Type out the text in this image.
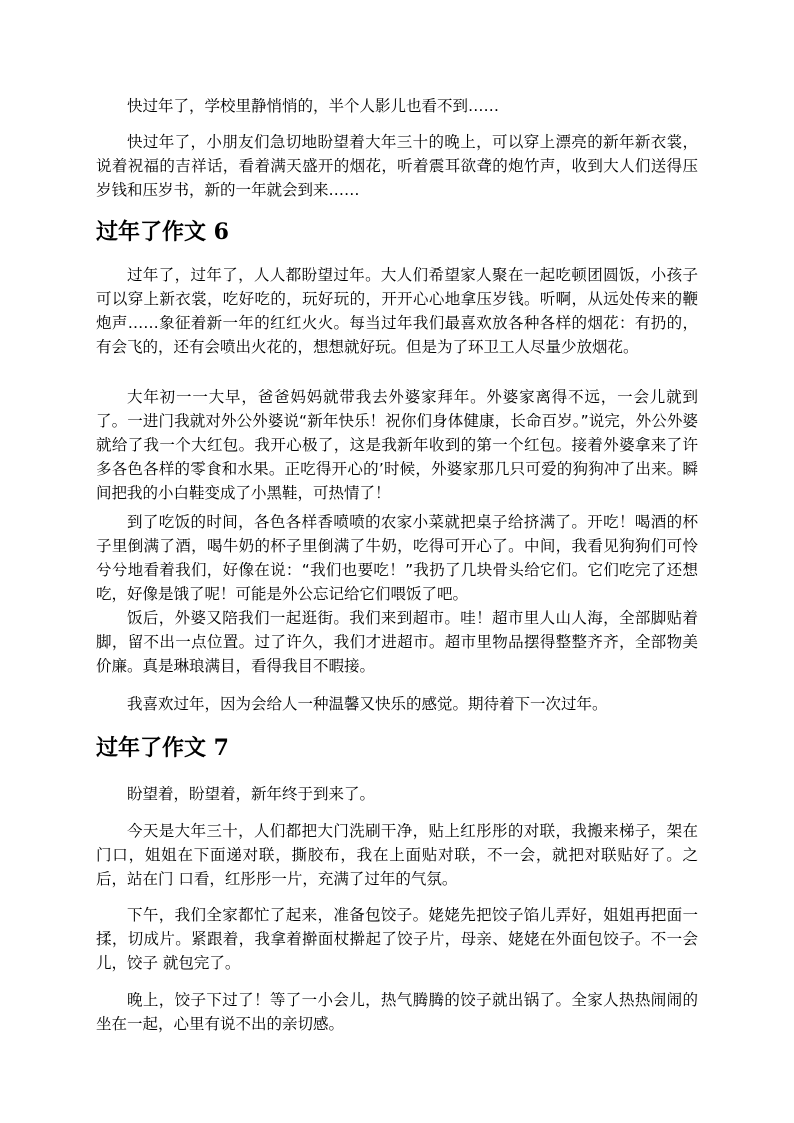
快过年了，学校里静悄悄的，半个人影儿也看不到……

快过年了，小朋友们急切地盼望着大年三十的晚上，可以穿上漂亮的新年新衣裳，说着祝福的吉祥话，看着满天盛开的烟花，听着震耳欲聋的炮竹声，收到大人们送得压岁钱和压岁书，新的一年就会到来……

过年了作文 6

过年了，过年了，人人都盼望过年。大人们希望家人聚在一起吃顿团圆饭，小孩子可以穿上新衣裳，吃好吃的，玩好玩的，开开心心地拿压岁钱。听啊，从远处传来的鞭炮声……象征着新一年的红红火火。每当过年我们最喜欢放各种各样的烟花：有扔的，有会飞的，还有会喷出火花的，想想就好玩。但是为了环卫工人尽量少放烟花。

大年初一一大早，爸爸妈妈就带我去外婆家拜年。外婆家离得不远，一会儿就到了。一进门我就对外公外婆说“新年快乐！祝你们身体健康，长命百岁。”说完，外公外婆就给了我一个大红包。我开心极了，这是我新年收到的第一个红包。接着外婆拿来了许多各色各样的零食和水果。正吃得开心的’时候，外婆家那几只可爱的狗狗冲了出来。瞬间把我的小白鞋变成了小黑鞋，可热情了！

到了吃饭的时间，各色各样香喷喷的农家小菜就把桌子给挤满了。开吃！喝酒的杯子里倒满了酒，喝牛奶的杯子里倒满了牛奶，吃得可开心了。中间，我看见狗狗们可怜兮兮地看着我们，好像在说：“我们也要吃！”我扔了几块骨头给它们。它们吃完了还想吃，好像是饿了呢！可能是外公忘记给它们喂饭了吧。

饭后，外婆又陪我们一起逛街。我们来到超市。哇！超市里人山人海，全部脚贴着脚，留不出一点位置。过了许久，我们才进超市。超市里物品摆得整整齐齐，全部物美价廉。真是琳琅满目，看得我目不暇接。

我喜欢过年，因为会给人一种温馨又快乐的感觉。期待着下一次过年。

过年了作文 7

盼望着，盼望着，新年终于到来了。

今天是大年三十，人们都把大门洗刷干净，贴上红彤彤的对联，我搬来梯子，架在门口，姐姐在下面递对联，撕胶布，我在上面贴对联，不一会，就把对联贴好了。之后，站在门 口看，红彤彤一片，充满了过年的气氛。

下午，我们全家都忙了起来，准备包饺子。姥姥先把饺子馅儿弄好，姐姐再把面一揉，切成片。紧跟着，我拿着擀面杖擀起了饺子片，母亲、姥姥在外面包饺子。不一会儿，饺子 就包完了。

晚上，饺子下过了！等了一小会儿，热气腾腾的饺子就出锅了。全家人热热闹闹的坐在一起，心里有说不出的亲切感。
